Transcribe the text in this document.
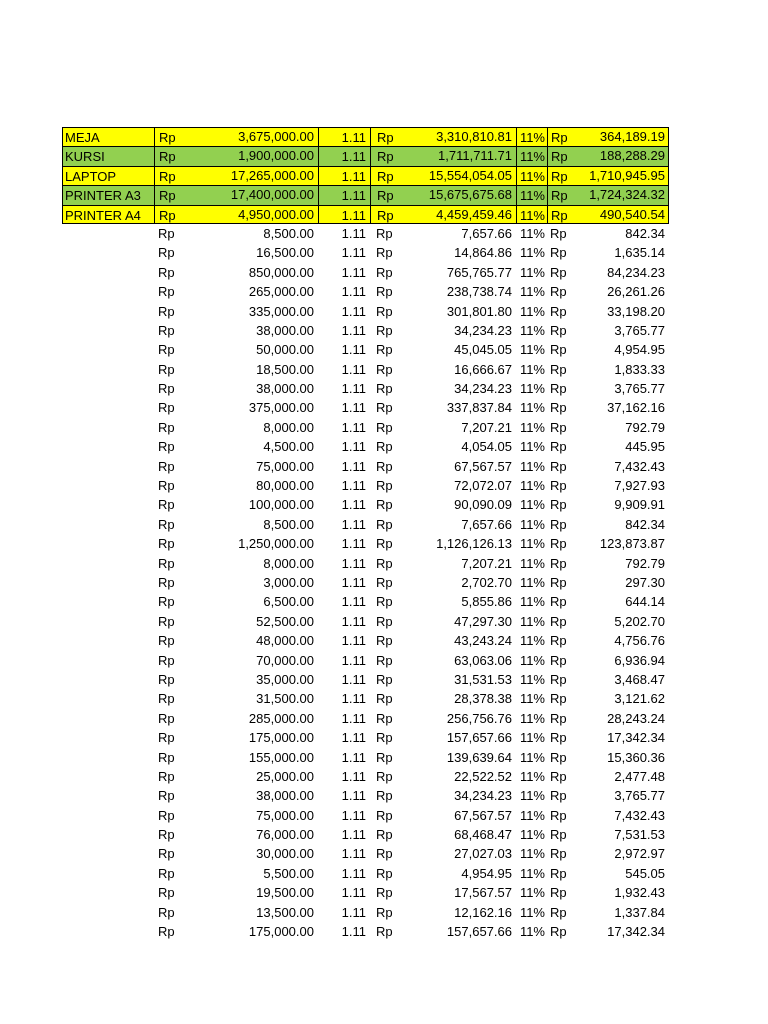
MEJA	Rp	3,675,000.00	1.11 Rp	3,310,810.81 11% Rp	364,189.19
KURSI	Rp	1,900,000.00	1.11 Rp	1,711,711.71 11% Rp	188,288.29
LAPTOP	Rp	17,265,000.00	1.11 Rp	15,554,054.05 11% Rp	1,710,945.95
PRINTER A3	Rp	17,400,000.00	1.11 Rp	15,675,675.68 11% Rp	1,724,324.32
PRINTER A4	Rp	4,950,000.00	1.11 Rp	4,459,459.46 11% Rp	490,540.54
Rp	8,500.00	1.11 Rp	7,657.66 11% Rp	842.34
Rp	16,500.00	1.11 Rp	14,864.86 11% Rp	1,635.14
Rp	850,000.00	1.11 Rp	765,765.77 11% Rp	84,234.23
Rp	265,000.00	1.11 Rp	238,738.74 11% Rp	26,261.26
Rp	335,000.00	1.11 Rp	301,801.80 11% Rp	33,198.20
Rp	38,000.00	1.11 Rp	34,234.23 11% Rp	3,765.77
Rp	50,000.00	1.11 Rp	45,045.05 11% Rp	4,954.95
Rp	18,500.00	1.11 Rp	16,666.67 11% Rp	1,833.33
Rp	38,000.00	1.11 Rp	34,234.23 11% Rp	3,765.77
Rp	375,000.00	1.11 Rp	337,837.84 11% Rp	37,162.16
Rp	8,000.00	1.11 Rp	7,207.21 11% Rp	792.79
Rp	4,500.00	1.11 Rp	4,054.05 11% Rp	445.95
Rp	75,000.00	1.11 Rp	67,567.57 11% Rp	7,432.43
Rp	80,000.00	1.11 Rp	72,072.07 11% Rp	7,927.93
Rp	100,000.00	1.11 Rp	90,090.09 11% Rp	9,909.91
Rp	8,500.00	1.11 Rp	7,657.66 11% Rp	842.34
Rp	1,250,000.00	1.11 Rp	1,126,126.13 11% Rp	123,873.87
Rp	8,000.00	1.11 Rp	7,207.21 11% Rp	792.79
Rp	3,000.00	1.11 Rp	2,702.70 11% Rp	297.30
Rp	6,500.00	1.11 Rp	5,855.86 11% Rp	644.14
Rp	52,500.00	1.11 Rp	47,297.30 11% Rp	5,202.70
Rp	48,000.00	1.11 Rp	43,243.24 11% Rp	4,756.76
Rp	70,000.00	1.11 Rp	63,063.06 11% Rp	6,936.94
Rp	35,000.00	1.11 Rp	31,531.53 11% Rp	3,468.47
Rp	31,500.00	1.11 Rp	28,378.38 11% Rp	3,121.62
Rp	285,000.00	1.11 Rp	256,756.76 11% Rp	28,243.24
Rp	175,000.00	1.11 Rp	157,657.66 11% Rp	17,342.34
Rp	155,000.00	1.11 Rp	139,639.64 11% Rp	15,360.36
Rp	25,000.00	1.11 Rp	22,522.52 11% Rp	2,477.48
Rp	38,000.00	1.11 Rp	34,234.23 11% Rp	3,765.77
Rp	75,000.00	1.11 Rp	67,567.57 11% Rp	7,432.43
Rp	76,000.00	1.11 Rp	68,468.47 11% Rp	7,531.53
Rp	30,000.00	1.11 Rp	27,027.03 11% Rp	2,972.97
Rp	5,500.00	1.11 Rp	4,954.95 11% Rp	545.05
Rp	19,500.00	1.11 Rp	17,567.57 11% Rp	1,932.43
Rp	13,500.00	1.11 Rp	12,162.16 11% Rp	1,337.84
Rp	175,000.00	1.11 Rp	157,657.66 11% Rp	17,342.34
